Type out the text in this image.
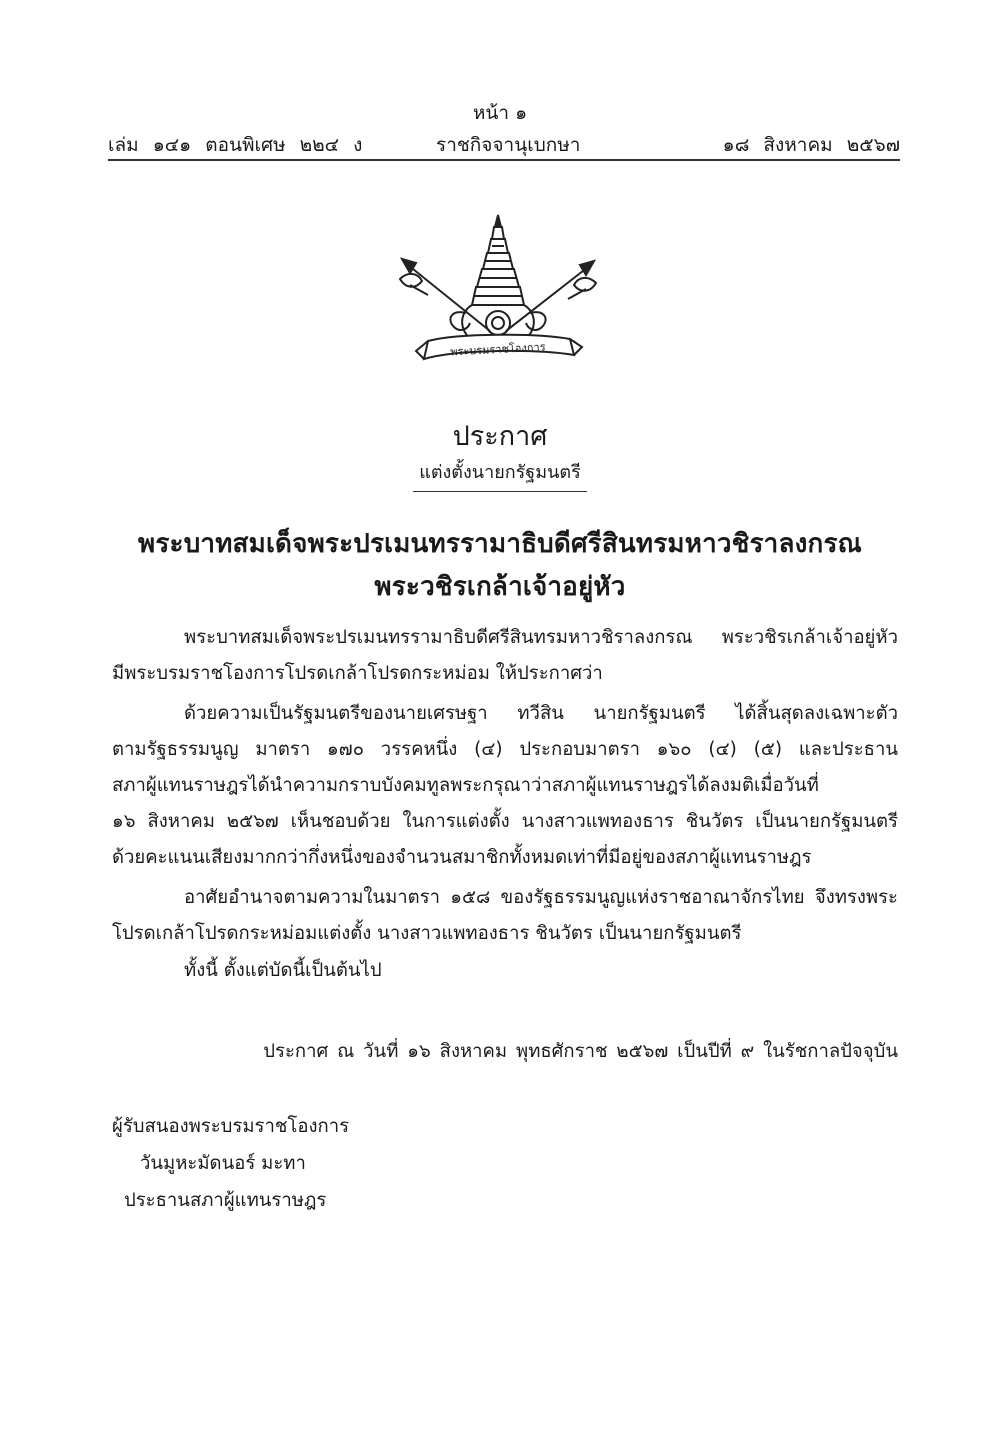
หน้า ๑
เล่ม ๑๔๑ ตอนพิเศษ ๒๒๔ ง	ราชกิจจานุเบกษา	๑๘ สิงหาคม ๒๕๖๗
พระบรมราชโองการ
ประกาศ
แต่งตั้งนายกรัฐมนตรี
พระบาทสมเด็จพระปรเมนทรรามาธิบดีศรีสินทรมหาวชิราลงกรณ
พระวชิรเกล้าเจ้าอยู่หัว
พระบาทสมเด็จพระปรเมนทรรามาธิบดีศรีสินทรมหาวชิราลงกรณ พระวชิรเกล้าเจ้าอยู่หัว
มีพระบรมราชโองการโปรดเกล้าโปรดกระหม่อม ให้ประกาศว่า
ด้วยความเป็นรัฐมนตรีของนายเศรษฐา ทวีสิน นายกรัฐมนตรี ได้สิ้นสุดลงเฉพาะตัว
ตามรัฐธรรมนูญ มาตรา ๑๗๐ วรรคหนึ่ง (๔) ประกอบมาตรา ๑๖๐ (๔) (๕) และประธาน
สภาผู้แทนราษฎรได้นำความกราบบังคมทูลพระกรุณาว่าสภาผู้แทนราษฎรได้ลงมติเมื่อวันที่
๑๖ สิงหาคม ๒๕๖๗ เห็นชอบด้วย ในการแต่งตั้ง นางสาวแพทองธาร ชินวัตร เป็นนายกรัฐมนตรี
ด้วยคะแนนเสียงมากกว่ากึ่งหนึ่งของจำนวนสมาชิกทั้งหมดเท่าที่มีอยู่ของสภาผู้แทนราษฎร
อาศัยอำนาจตามความในมาตรา ๑๕๘ ของรัฐธรรมนูญแห่งราชอาณาจักรไทย จึงทรงพระ
โปรดเกล้าโปรดกระหม่อมแต่งตั้ง นางสาวแพทองธาร ชินวัตร เป็นนายกรัฐมนตรี
ทั้งนี้ ตั้งแต่บัดนี้เป็นต้นไป
ประกาศ ณ วันที่ ๑๖ สิงหาคม พุทธศักราช ๒๕๖๗ เป็นปีที่ ๙ ในรัชกาลปัจจุบัน
ผู้รับสนองพระบรมราชโองการ
วันมูหะมัดนอร์ มะทา
ประธานสภาผู้แทนราษฎร
